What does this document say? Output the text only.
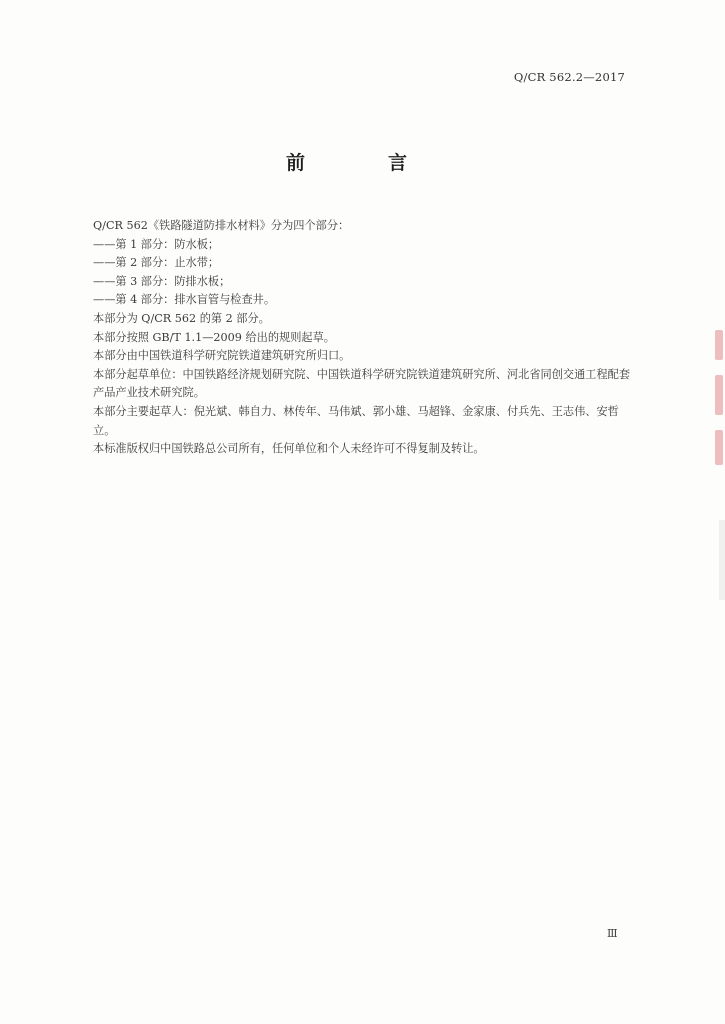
Q/CR 562.2—2017
前　言

Q/CR 562《铁路隧道防排水材料》分为四个部分：

——第 1 部分：防水板；

——第 2 部分：止水带；

——第 3 部分：防排水板；

——第 4 部分：排水盲管与检查井。

本部分为 Q/CR 562 的第 2 部分。

本部分按照 GB/T 1.1—2009 给出的规则起草。

本部分由中国铁道科学研究院铁道建筑研究所归口。

本部分起草单位：中国铁路经济规划研究院、中国铁道科学研究院铁道建筑研究所、河北省同创交通工程配套产品产业技术研究院。

本部分主要起草人：倪光斌、韩自力、林传年、马伟斌、郭小雄、马超锋、金家康、付兵先、王志伟、安哲立。

本标准版权归中国铁路总公司所有，任何单位和个人未经许可不得复制及转让。

Ⅲ
